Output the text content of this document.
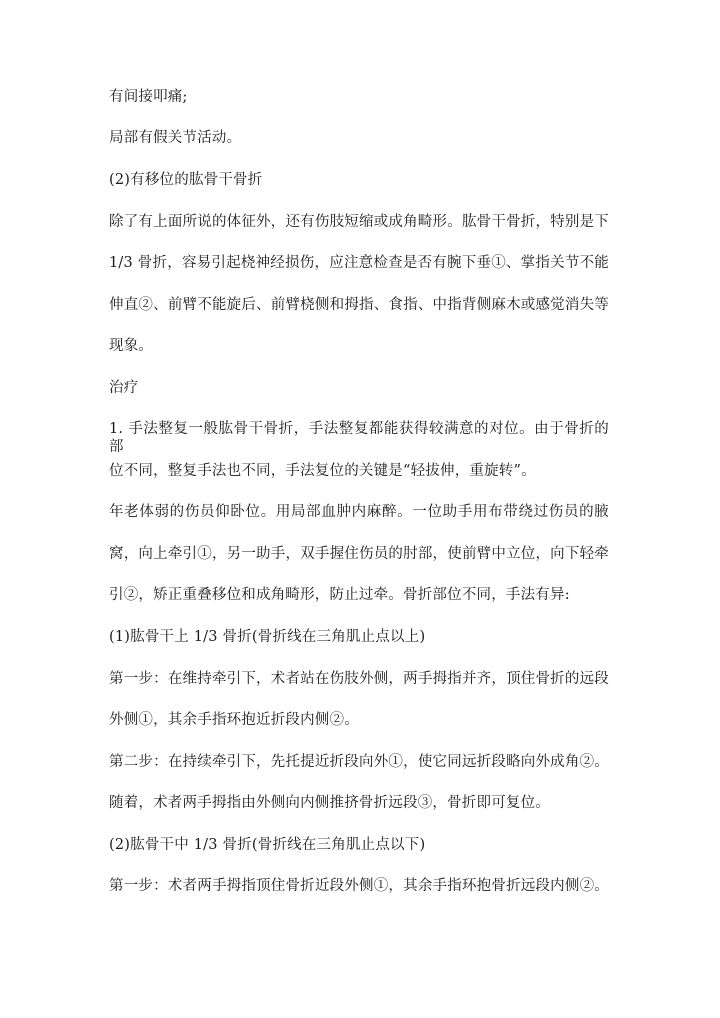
有间接叩痛;
局部有假关节活动。
(2)有移位的肱骨干骨折
除了有上面所说的体征外，还有伤肢短缩或成角畸形。肱骨干骨折，特别是下
1/3 骨折，容易引起桡神经损伤，应注意检查是否有腕下垂①、掌指关节不能
伸直②、前臂不能旋后、前臂桡侧和拇指、食指、中指背侧麻木或感觉消失等
现象。
治疗
1. 手法整复一般肱骨干骨折，手法整复都能获得较满意的对位。由于骨折的部
位不同，整复手法也不同，手法复位的关键是“轻拔伸，重旋转”。
年老体弱的伤员仰卧位。用局部血肿内麻醉。一位助手用布带绕过伤员的腋
窝，向上牵引①，另一助手，双手握住伤员的肘部，使前臂中立位，向下轻牵
引②，矫正重叠移位和成角畸形，防止过牵。骨折部位不同，手法有异:
(1)肱骨干上 1/3 骨折(骨折线在三角肌止点以上)
第一步：在维持牵引下，术者站在伤肢外侧，两手拇指并齐，顶住骨折的远段
外侧①，其余手指环抱近折段内侧②。
第二步：在持续牵引下，先托提近折段向外①，使它同远折段略向外成角②。
随着，术者两手拇指由外侧向内侧推挤骨折远段③，骨折即可复位。
(2)肱骨干中 1/3 骨折(骨折线在三角肌止点以下)
第一步：术者两手拇指顶住骨折近段外侧①，其余手指环抱骨折远段内侧②。
